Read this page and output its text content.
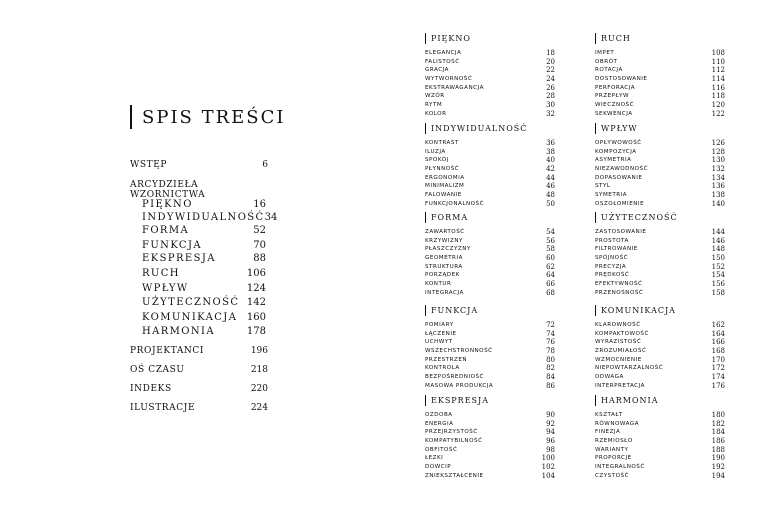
SPIS TREŚCI
WSTĘP	6
ARCYDZIEŁA WZORNICTWA
PIĘKNO	16
INDYWIDUALNOŚĆ 34
FORMA	52
FUNKCJA	70
EKSPRESJA	88
RUCH	106
WPŁYW	124
UŻYTECZNOŚĆ 142
KOMUNIKACJA 160
HARMONIA	178
PROJEKTANCI	196
OŚ CZASU	218
INDEKS	220
ILUSTRACJE	224
PIĘKNO
ELEGANCJA	18
FALISTOŚĆ	20
GRACJA	22
WYTWORNOŚĆ	24
EKSTRAWAGANCJA	26
WZÓR	28
RYTM	30
KOLOR	32
RUCH
IMPET	108
OBRÓT	110
ROTACJA	112
DOSTOSOWANIE	114
PERFORACJA	116
PRZEPŁYW	118
WIECZNOŚĆ	120
SEKWENCJA	122
INDYWIDUALNOŚĆ
KONTRAST	36
ILUZJA	38
SPOKÓJ	40
PŁYNNOŚĆ	42
ERGONOMIA	44
MINIMALIZM	46
FALOWANIE	48
FUNKCJONALNOŚĆ	50
WPŁYW
OPŁYWOWOŚĆ	126
KOMPOZYCJA	128
ASYMETRIA	130
NIEZAWODNOŚĆ	132
DOPASOWANIE	134
STYL	136
SYMETRIA	138
OSZOŁOMIENIE	140
FORMA
ZAWARTOŚĆ	54
KRZYWIZNY	56
PŁASZCZYZNY	58
GEOMETRIA	60
STRUKTURA	62
PORZĄDEK	64
KONTUR	66
INTEGRACJA	68
UŻYTECZNOŚĆ
ZASTOSOWANIE	144
PROSTOTA	146
FILTROWANIE	148
SPÓJNOŚĆ	150
PRECYZJA	152
PRĘDKOŚĆ	154
EFEKTYWNOŚĆ	156
PRZENOŚNOŚĆ	158
FUNKCJA
POMIARY	72
ŁĄCZENIE	74
UCHWYT	76
WSZECHSTRONNOŚĆ	78
PRZESTRZEŃ	80
KONTROLA	82
BEZPOŚREDNIOŚĆ	84
MASOWA PRODUKCJA	86
KOMUNIKACJA
KLAROWNOŚĆ	162
KOMPAKTOWOŚĆ	164
WYRAZISTOŚĆ	166
ZROZUMIAŁOŚĆ	168
WZMOCNIENIE	170
NIEPOWTARZALNOŚĆ	172
ODWAGA	174
INTERPRETACJA	176
EKSPRESJA
OZDOBA	90
ENERGIA	92
PRZEJRZYSTOŚĆ	94
KOMPATYBILNOŚĆ	96
OBFITOŚĆ	98
ŁEZKI	100
DOWCIP	102
ZNIEKSZTAŁCENIE	104
HARMONIA
KSZTAŁT	180
RÓWNOWAGA	182
FINEZJA	184
RZEMIOSŁO	186
WARIANTY	188
PROPORCJE	190
INTEGRALNOŚĆ	192
CZYSTOŚĆ	194
